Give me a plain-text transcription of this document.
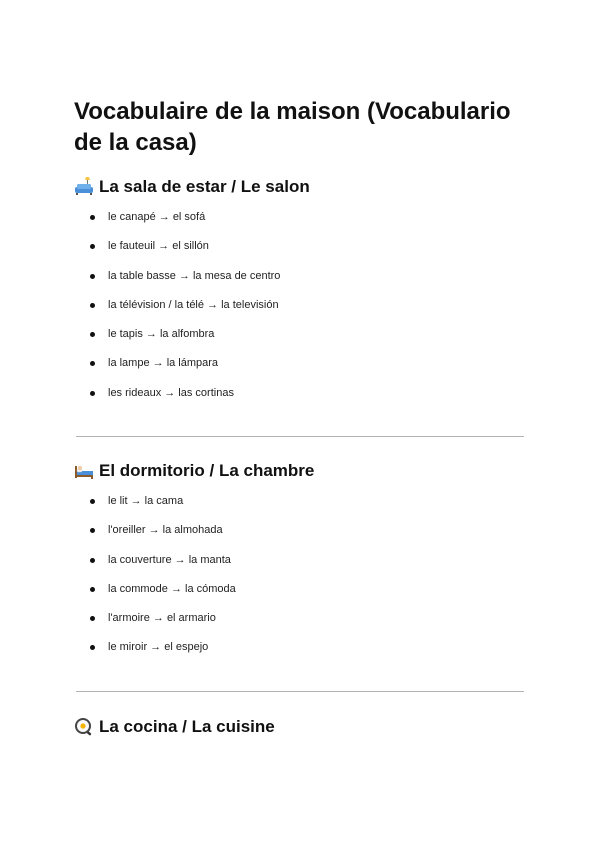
Vocabulaire de la maison (Vocabulario de la casa)
La sala de estar / Le salon
le canapé → el sofá
le fauteuil → el sillón
la table basse → la mesa de centro
la télévision / la télé → la televisión
le tapis → la alfombra
la lampe → la lámpara
les rideaux → las cortinas
El dormitorio / La chambre
le lit → la cama
l'oreiller → la almohada
la couverture → la manta
la commode → la cómoda
l'armoire → el armario
le miroir → el espejo
La cocina / La cuisine
